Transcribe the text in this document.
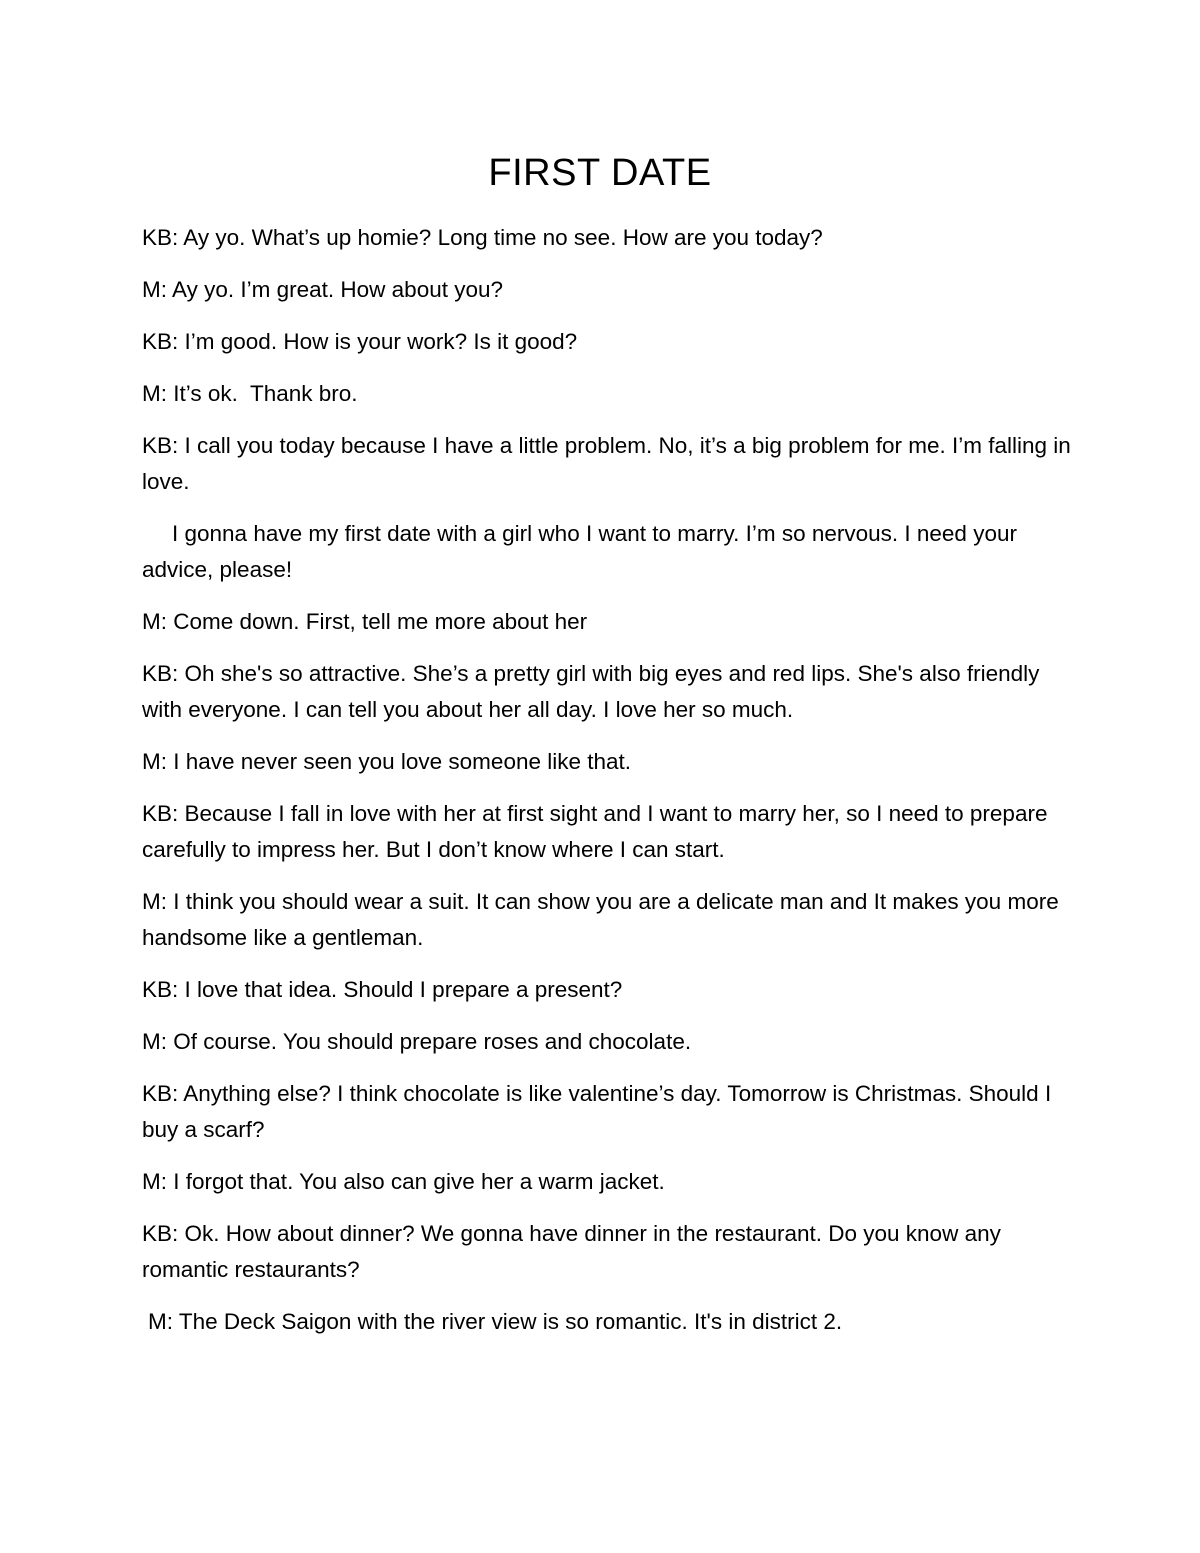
FIRST DATE

KB: Ay yo. What’s up homie? Long time no see. How are you today?

M: Ay yo. I’m great. How about you?

KB: I’m good. How is your work? Is it good?

M: It’s ok.  Thank bro.

KB: I call you today because I have a little problem. No, it’s a big problem for me. I’m falling in love.

I gonna have my first date with a girl who I want to marry. I’m so nervous. I need your advice, please!

M: Come down. First, tell me more about her

KB: Oh she's so attractive. She’s a pretty girl with big eyes and red lips. She's also friendly with everyone. I can tell you about her all day. I love her so much.

M: I have never seen you love someone like that.

KB: Because I fall in love with her at first sight and I want to marry her, so I need to prepare carefully to impress her. But I don’t know where I can start.

M: I think you should wear a suit. It can show you are a delicate man and It makes you more handsome like a gentleman.

KB: I love that idea. Should I prepare a present?

M: Of course. You should prepare roses and chocolate.

KB: Anything else? I think chocolate is like valentine’s day. Tomorrow is Christmas. Should I buy a scarf?

M: I forgot that. You also can give her a warm jacket.

KB: Ok. How about dinner? We gonna have dinner in the restaurant. Do you know any romantic restaurants?

M: The Deck Saigon with the river view is so romantic. It's in district 2.
